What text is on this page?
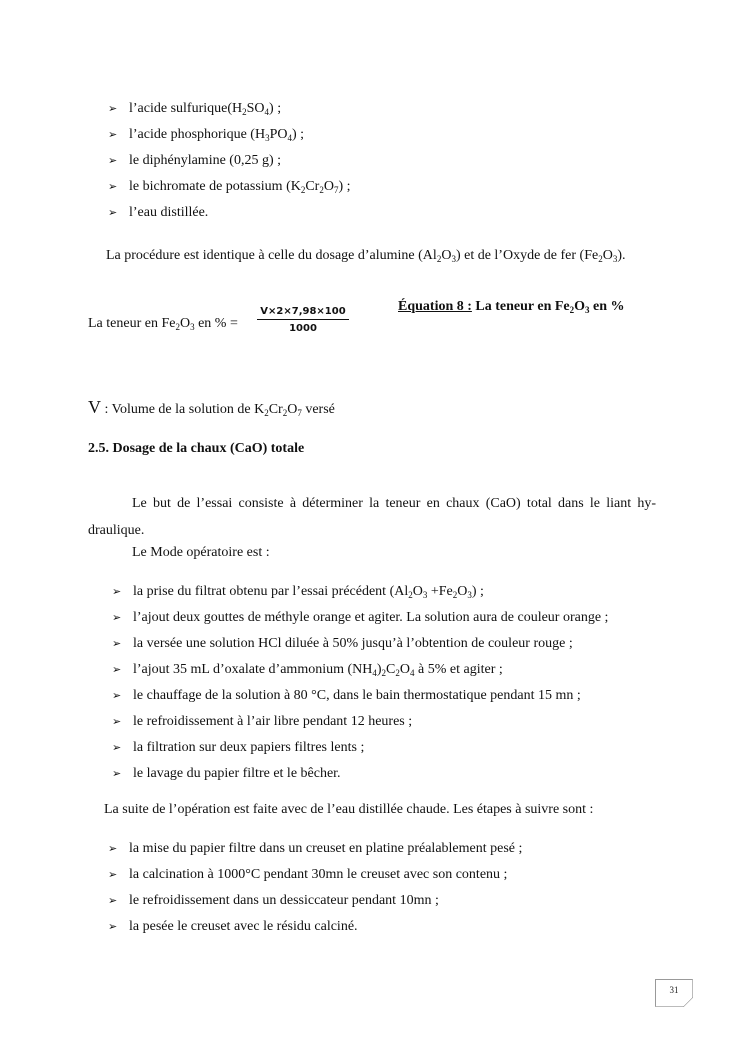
➢ l’acide $sulfurique(H_2SO_4)$ ;
➢ l’acide phosphorique $(H_3PO_4)$ ;
➢ le diphénylamine (0,25 g) ;
➢ le bichromate de potassium $(K_2Cr_2O_7)$ ;
➢ l’eau distillée.
La procédure est identique à celle du dosage d’alumine $(Al_2O_3)$ et de l’Oxyde de fer $(Fe_2O_3)$.
La teneur en $Fe_2O_3$ en % = $\frac{V\times 2\times 7,98\times 100}{1000}$	Équation 8 : La teneur en $Fe_2O_3$ en %
V : Volume de la solution de $K_2Cr_2O_7$ versé
2.5. Dosage de la chaux (CaO) totale
Le but de l’essai consiste à déterminer la teneur en chaux (CaO) total dans le liant hy-draulique.
Le Mode opératoire est :
➢ la prise du filtrat obtenu par l’essai précédent $(Al_2O_3 +Fe_2O_3)$ ;
➢ l’ajout deux gouttes de méthyle orange et agiter. La solution aura de couleur orange ;
➢ la versée une solution HCl diluée à 50% jusqu’à l’obtention de couleur rouge ;
➢ l’ajout 35 mL d’oxalate d’ammonium $(NH_4)_2C_2O_4$ à 5% et agiter ;
➢ le chauffage de la solution à 80 °C, dans le bain thermostatique pendant 15 mn ;
➢ le refroidissement à l’air libre pendant 12 heures ;
➢ la filtration sur deux papiers filtres lents ;
➢ le lavage du papier filtre et le bêcher.
La suite de l’opération est faite avec de l’eau distillée chaude. Les étapes à suivre sont :
➢ la mise du papier filtre dans un creuset en platine préalablement pesé ;
➢ la calcination à 1000°C pendant 30mn le creuset avec son contenu ;
➢ le refroidissement dans un dessiccateur pendant 10mn ;
➢ la pesée le creuset avec le résidu calciné.
31
